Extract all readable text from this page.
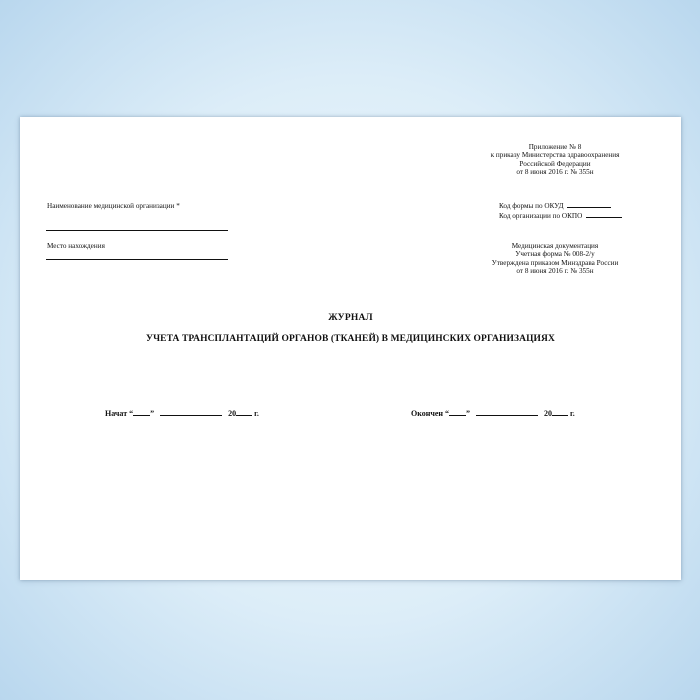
Приложение № 8
к приказу Министерства здравоохранения
Российской Федерации
от 8 июня 2016 г. № 355н
Наименование медицинской организации *
Место нахождения
Код формы по ОКУД
Код организации по ОКПО
Медицинская документация
Учетная форма № 008-2/у
Утверждена приказом Минздрава России
от 8 июня 2016 г. № 355н
ЖУРНАЛ
УЧЕТА ТРАНСПЛАНТАЦИЙ ОРГАНОВ (ТКАНЕЙ) В МЕДИЦИНСКИХ ОРГАНИЗАЦИЯХ
Начат “ ”	20 г.	Окончен “ ”	20 г.
